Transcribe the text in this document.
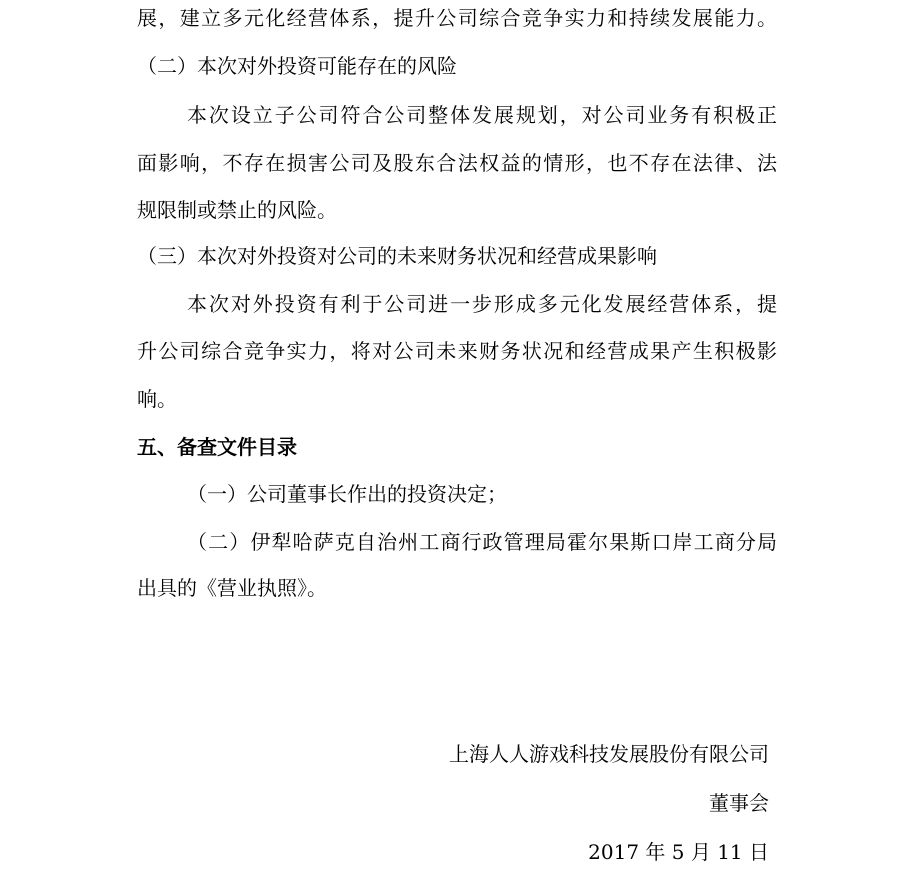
展，建立多元化经营体系，提升公司综合竞争实力和持续发展能力。
（二）本次对外投资可能存在的风险
本次设立子公司符合公司整体发展规划，对公司业务有积极正
面影响，不存在损害公司及股东合法权益的情形，也不存在法律、法
规限制或禁止的风险。
（三）本次对外投资对公司的未来财务状况和经营成果影响
本次对外投资有利于公司进一步形成多元化发展经营体系，提
升公司综合竞争实力，将对公司未来财务状况和经营成果产生积极影
响。
五、备查文件目录
（一）公司董事长作出的投资决定；
（二）伊犁哈萨克自治州工商行政管理局霍尔果斯口岸工商分局
出具的《营业执照》。
上海人人游戏科技发展股份有限公司
董事会
2017 年 5 月 11 日
